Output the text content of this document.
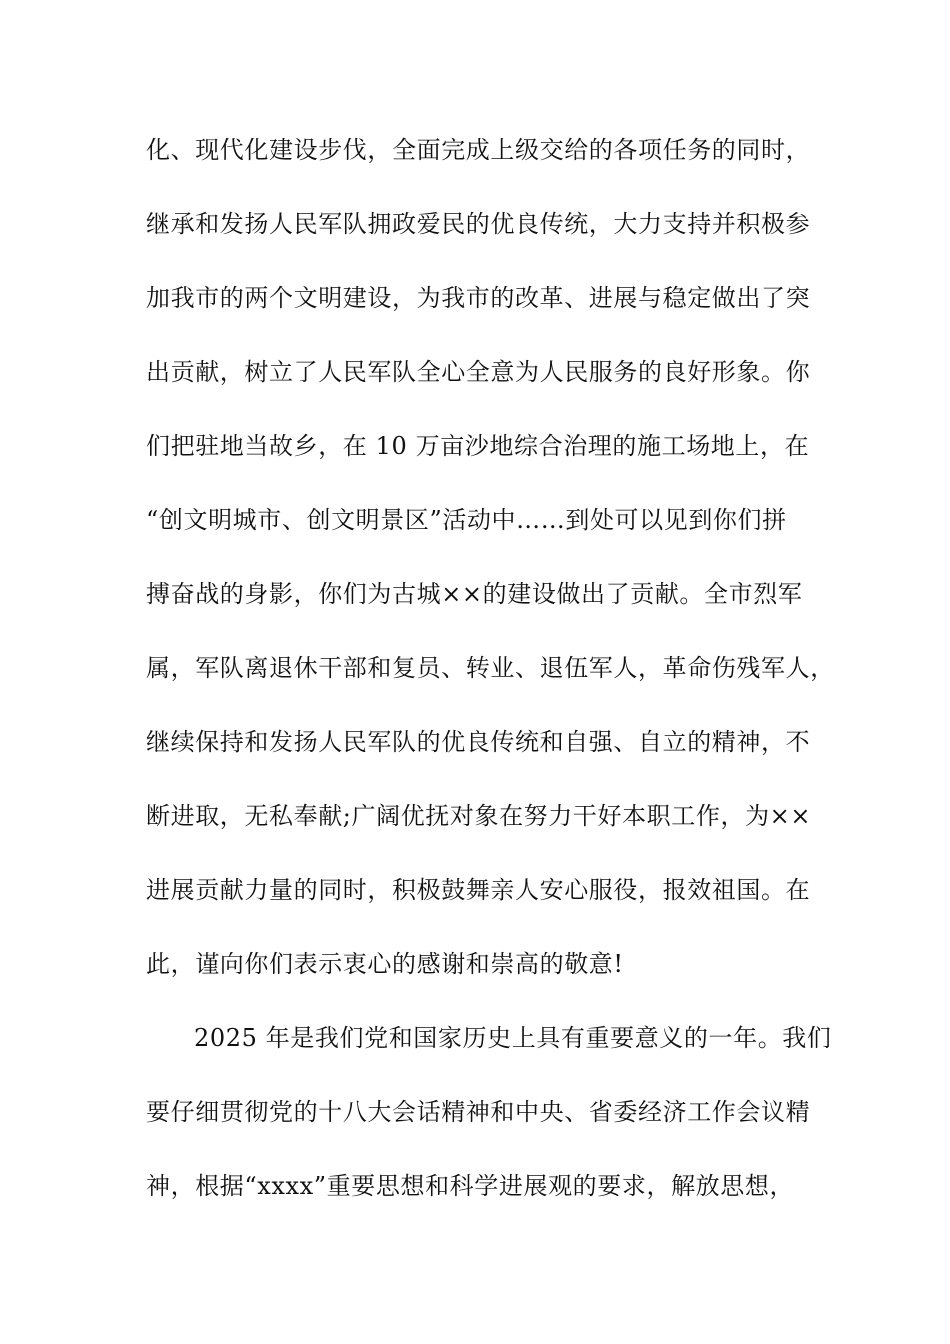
化、现代化建设步伐，全面完成上级交给的各项任务的同时，
继承和发扬人民军队拥政爱民的优良传统，大力支持并积极参
加我市的两个文明建设，为我市的改革、进展与稳定做出了突
出贡献，树立了人民军队全心全意为人民服务的良好形象。你
们把驻地当故乡，在 10 万亩沙地综合治理的施工场地上，在
“创文明城市、创文明景区”活动中……到处可以见到你们拼
搏奋战的身影，你们为古城××的建设做出了贡献。全市烈军
属，军队离退休干部和复员、转业、退伍军人，革命伤残军人，
继续保持和发扬人民军队的优良传统和自强、自立的精神，不
断进取，无私奉献;广阔优抚对象在努力干好本职工作，为××
进展贡献力量的同时，积极鼓舞亲人安心服役，报效祖国。在
此，谨向你们表示衷心的感谢和崇高的敬意!
2025 年是我们党和国家历史上具有重要意义的一年。我们
要仔细贯彻党的十八大会话精神和中央、省委经济工作会议精
神，根据“xxxx”重要思想和科学进展观的要求，解放思想，
